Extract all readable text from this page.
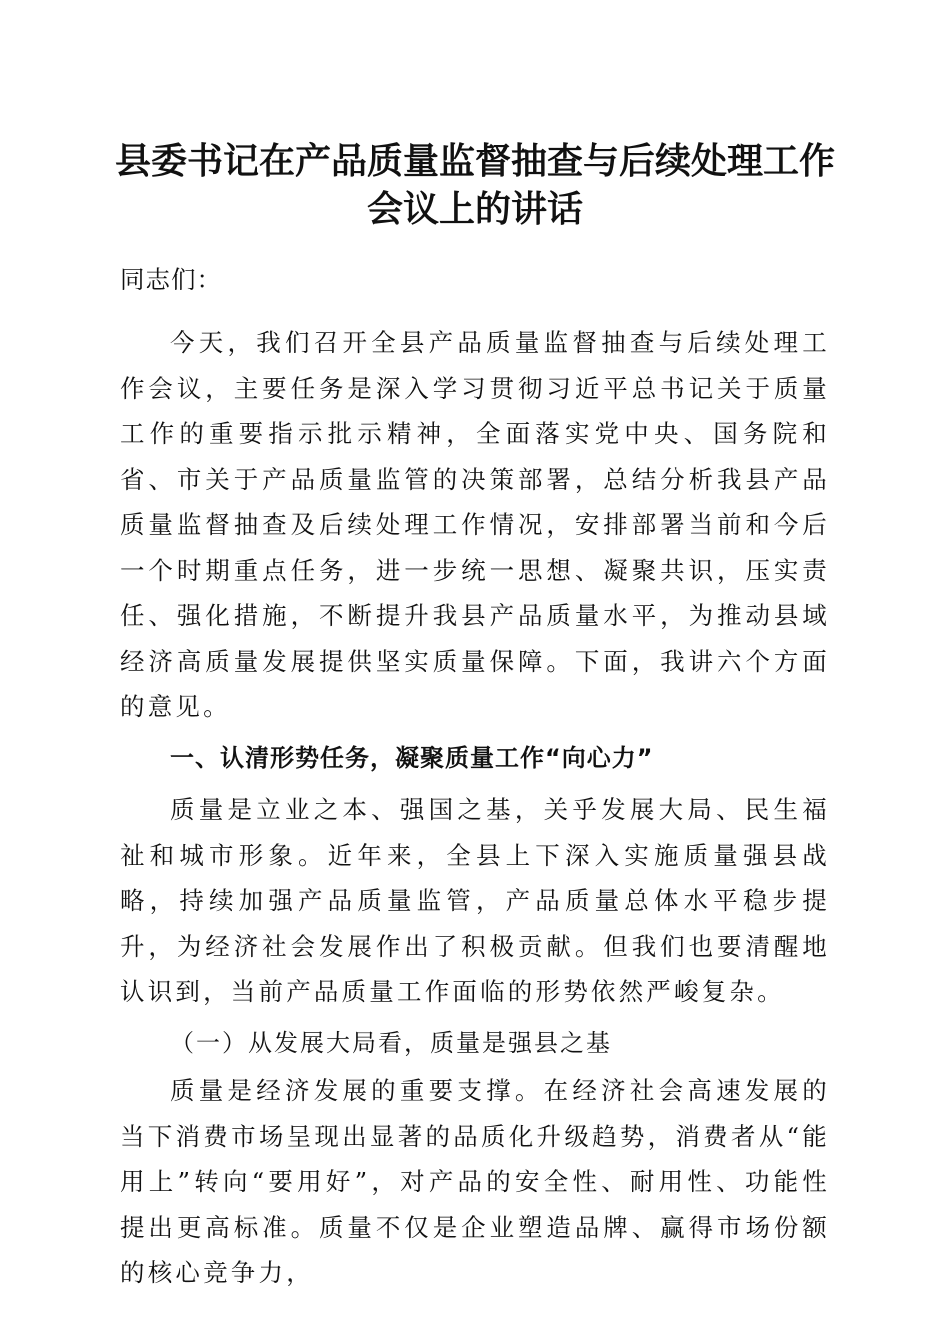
县委书记在产品质量监督抽查与后续处理工作
会议上的讲话

同志们：

今天，我们召开全县产品质量监督抽查与后续处理工作会议，主要任务是深入学习贯彻习近平总书记关于质量工作的重要指示批示精神，全面落实党中央、国务院和省、市关于产品质量监管的决策部署，总结分析我县产品质量监督抽查及后续处理工作情况，安排部署当前和今后一个时期重点任务，进一步统一思想、凝聚共识，压实责任、强化措施，不断提升我县产品质量水平，为推动县域经济高质量发展提供坚实质量保障。下面，我讲六个方面的意见。

一、认清形势任务，凝聚质量工作“向心力”

质量是立业之本、强国之基，关乎发展大局、民生福祉和城市形象。近年来，全县上下深入实施质量强县战略，持续加强产品质量监管，产品质量总体水平稳步提升，为经济社会发展作出了积极贡献。但我们也要清醒地认识到，当前产品质量工作面临的形势依然严峻复杂。

（一）从发展大局看，质量是强县之基

质量是经济发展的重要支撑。在经济社会高速发展的当下消费市场呈现出显著的品质化升级趋势，消费者从“能用上”转向“要用好”，对产品的安全性、耐用性、功能性提出更高标准。质量不仅是企业塑造品牌、赢得市场份额的核心竞争力，
